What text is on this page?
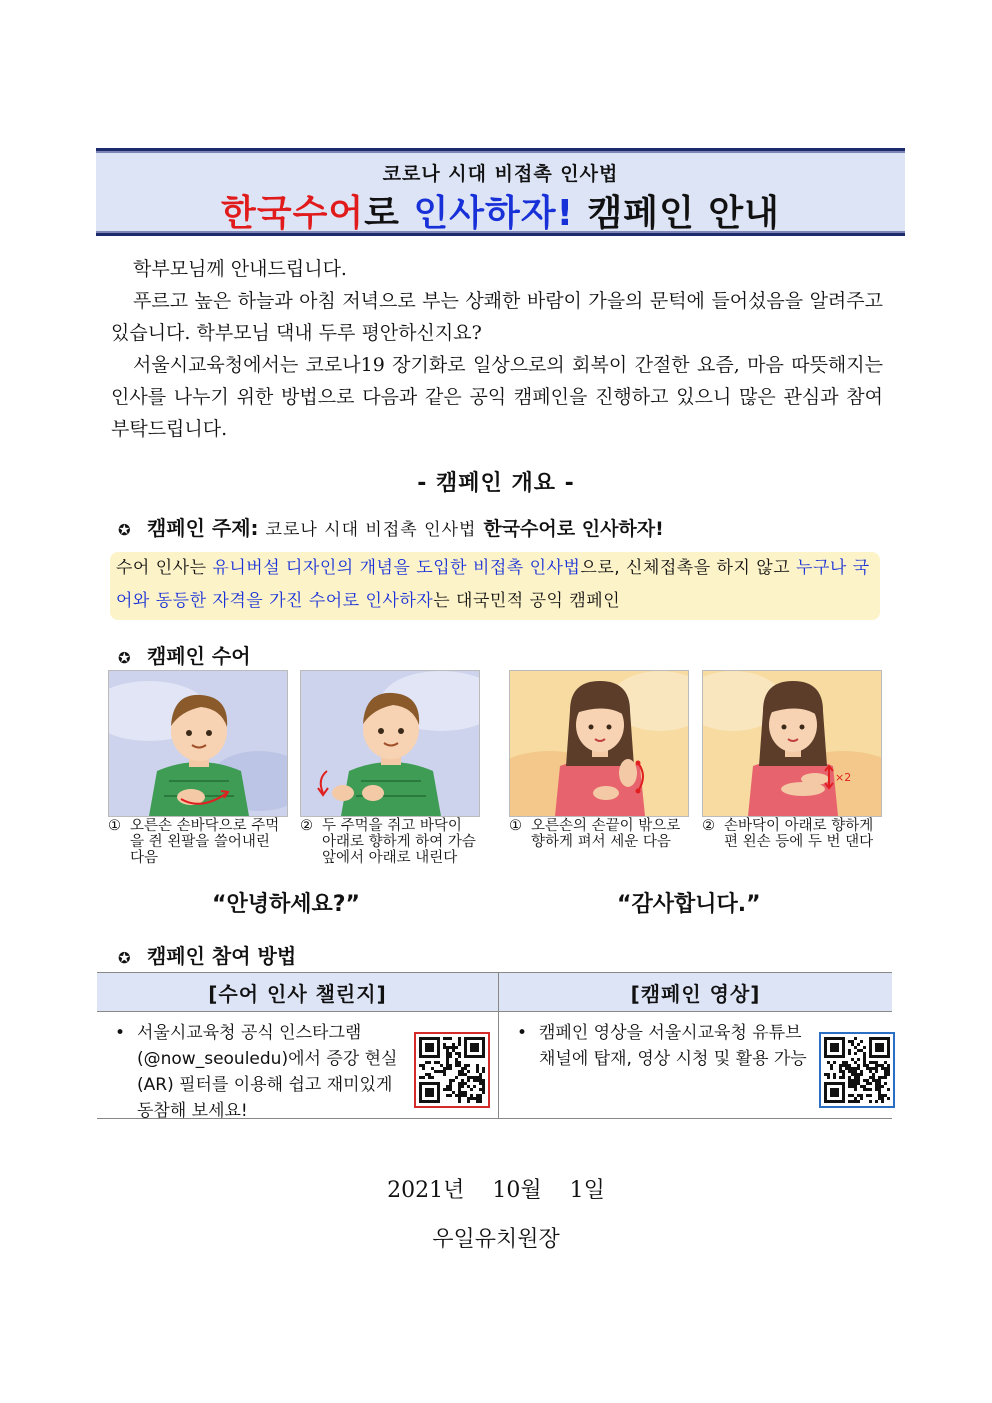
코로나 시대 비접촉 인사법
한국수어로 인사하자! 캠페인 안내

학부모님께 안내드립니다.

푸르고 높은 하늘과 아침 저녁으로 부는 상쾌한 바람이 가을의 문턱에 들어섰음을 알려주고 있습니다. 학부모님 댁내 두루 평안하신지요?

서울시교육청에서는 코로나19 장기화로 일상으로의 회복이 간절한 요즘, 마음 따뜻해지는 인사를 나누기 위한 방법으로 다음과 같은 공익 캠페인을 진행하고 있으니 많은 관심과 참여 부탁드립니다.

- 캠페인 개요 -
✪ 캠페인 주제: 코로나 시대 비접촉 인사법 한국수어로 인사하자!
수어 인사는 유니버설 디자인의 개념을 도입한 비접촉 인사법으로, 신체접촉을 하지 않고 누구나 국어와 동등한 자격을 가진 수어로 인사하자는 대국민적 공익 캠페인
✪ 캠페인 수어
① 오른손 손바닥으로 주먹을 쥔 왼팔을 쓸어내린 다음
② 두 주먹을 쥐고 바닥이 아래로 향하게 하여 가슴 앞에서 아래로 내린다
① 오른손의 손끝이 밖으로 향하게 펴서 세운 다음
×2
② 손바닥이 아래로 향하게 편 왼손 등에 두 번 댄다
“안녕하세요?”	“감사합니다.”
✪ 캠페인 참여 방법
[수어 인사 챌린지]	[캠페인 영상]

• 서울시교육청 공식 인스타그램 (@now_seouledu)에서 증강 현실(AR) 필터를 이용해 쉽고 재미있게 동참해 보세요!	• 캠페인 영상을 서울시교육청 유튜브 채널에 탑재, 영상 시청 및 활용 가능
2021년 10월 1일
우일유치원장
